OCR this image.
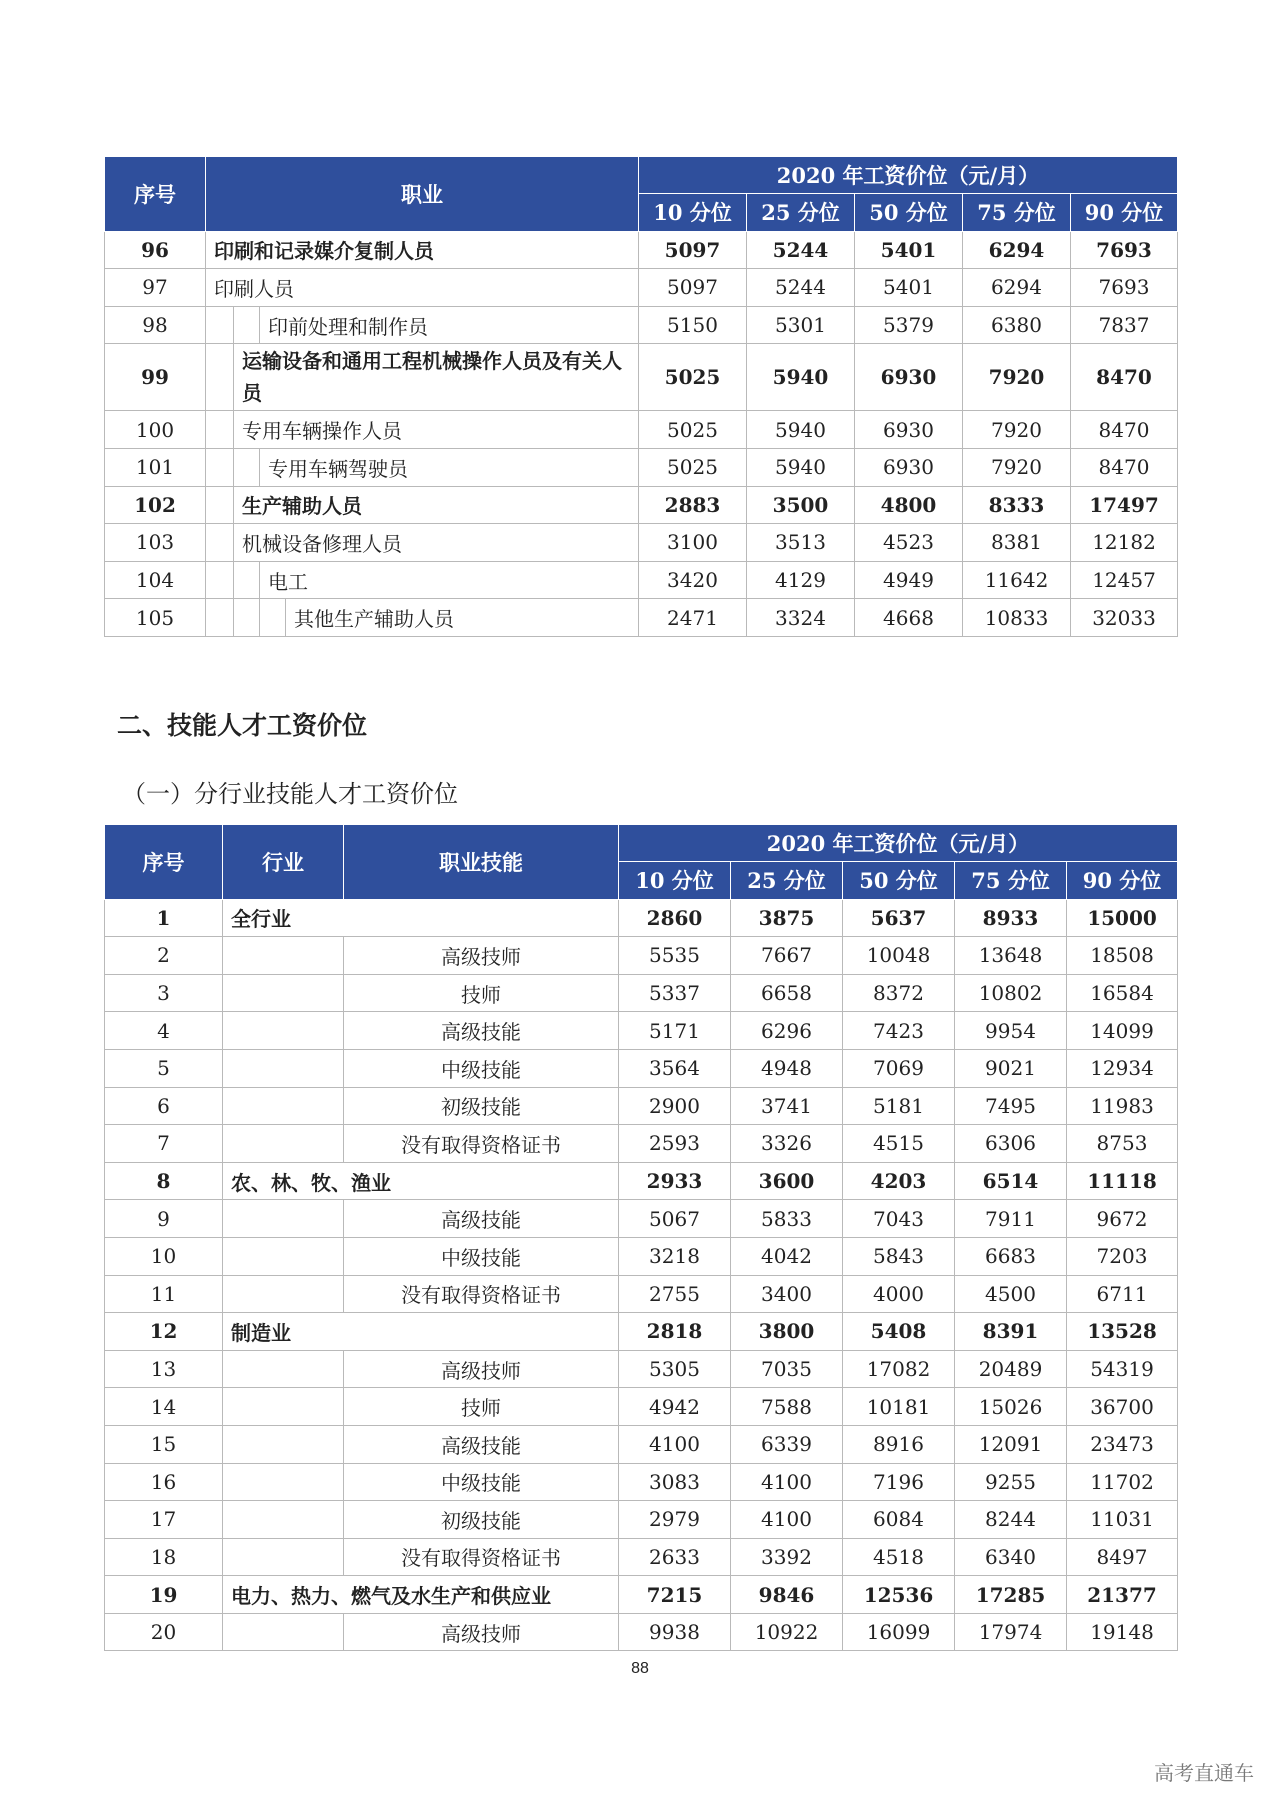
序号	职业	2020 年工资价位（元/月）				
		10 分位	25 分位	50 分位	75 分位	90 分位
96	印刷和记录媒介复制人员	5097	5244	5401	6294	7693
97	印刷人员	5097	5244	5401	6294	7693
98	印前处理和制作员	5150	5301	5379	6380	7837
99	运输设备和通用工程机械操作人员及有关人员	5025	5940	6930	7920	8470
100	专用车辆操作人员	5025	5940	6930	7920	8470
101	专用车辆驾驶员	5025	5940	6930	7920	8470
102	生产辅助人员	2883	3500	4800	8333	17497
103	机械设备修理人员	3100	3513	4523	8381	12182
104	电工	3420	4129	4949	11642	12457
105	其他生产辅助人员	2471	3324	4668	10833	32033
二、技能人才工资价位
（一）分行业技能人才工资价位
序号	行业	职业技能	2020 年工资价位（元/月）				
			10 分位	25 分位	50 分位	75 分位	90 分位
1	全行业		2860	3875	5637	8933	15000
2		高级技师	5535	7667	10048	13648	18508
3		技师	5337	6658	8372	10802	16584
4		高级技能	5171	6296	7423	9954	14099
5		中级技能	3564	4948	7069	9021	12934
6		初级技能	2900	3741	5181	7495	11983
7		没有取得资格证书	2593	3326	4515	6306	8753
8	农、林、牧、渔业		2933	3600	4203	6514	11118
9		高级技能	5067	5833	7043	7911	9672
10		中级技能	3218	4042	5843	6683	7203
11		没有取得资格证书	2755	3400	4000	4500	6711
12	制造业		2818	3800	5408	8391	13528
13		高级技师	5305	7035	17082	20489	54319
14		技师	4942	7588	10181	15026	36700
15		高级技能	4100	6339	8916	12091	23473
16		中级技能	3083	4100	7196	9255	11702
17		初级技能	2979	4100	6084	8244	11031
18		没有取得资格证书	2633	3392	4518	6340	8497
19	电力、热力、燃气及水生产和供应业		7215	9846	12536	17285	21377
20		高级技师	9938	10922	16099	17974	19148
88
高考直通车
